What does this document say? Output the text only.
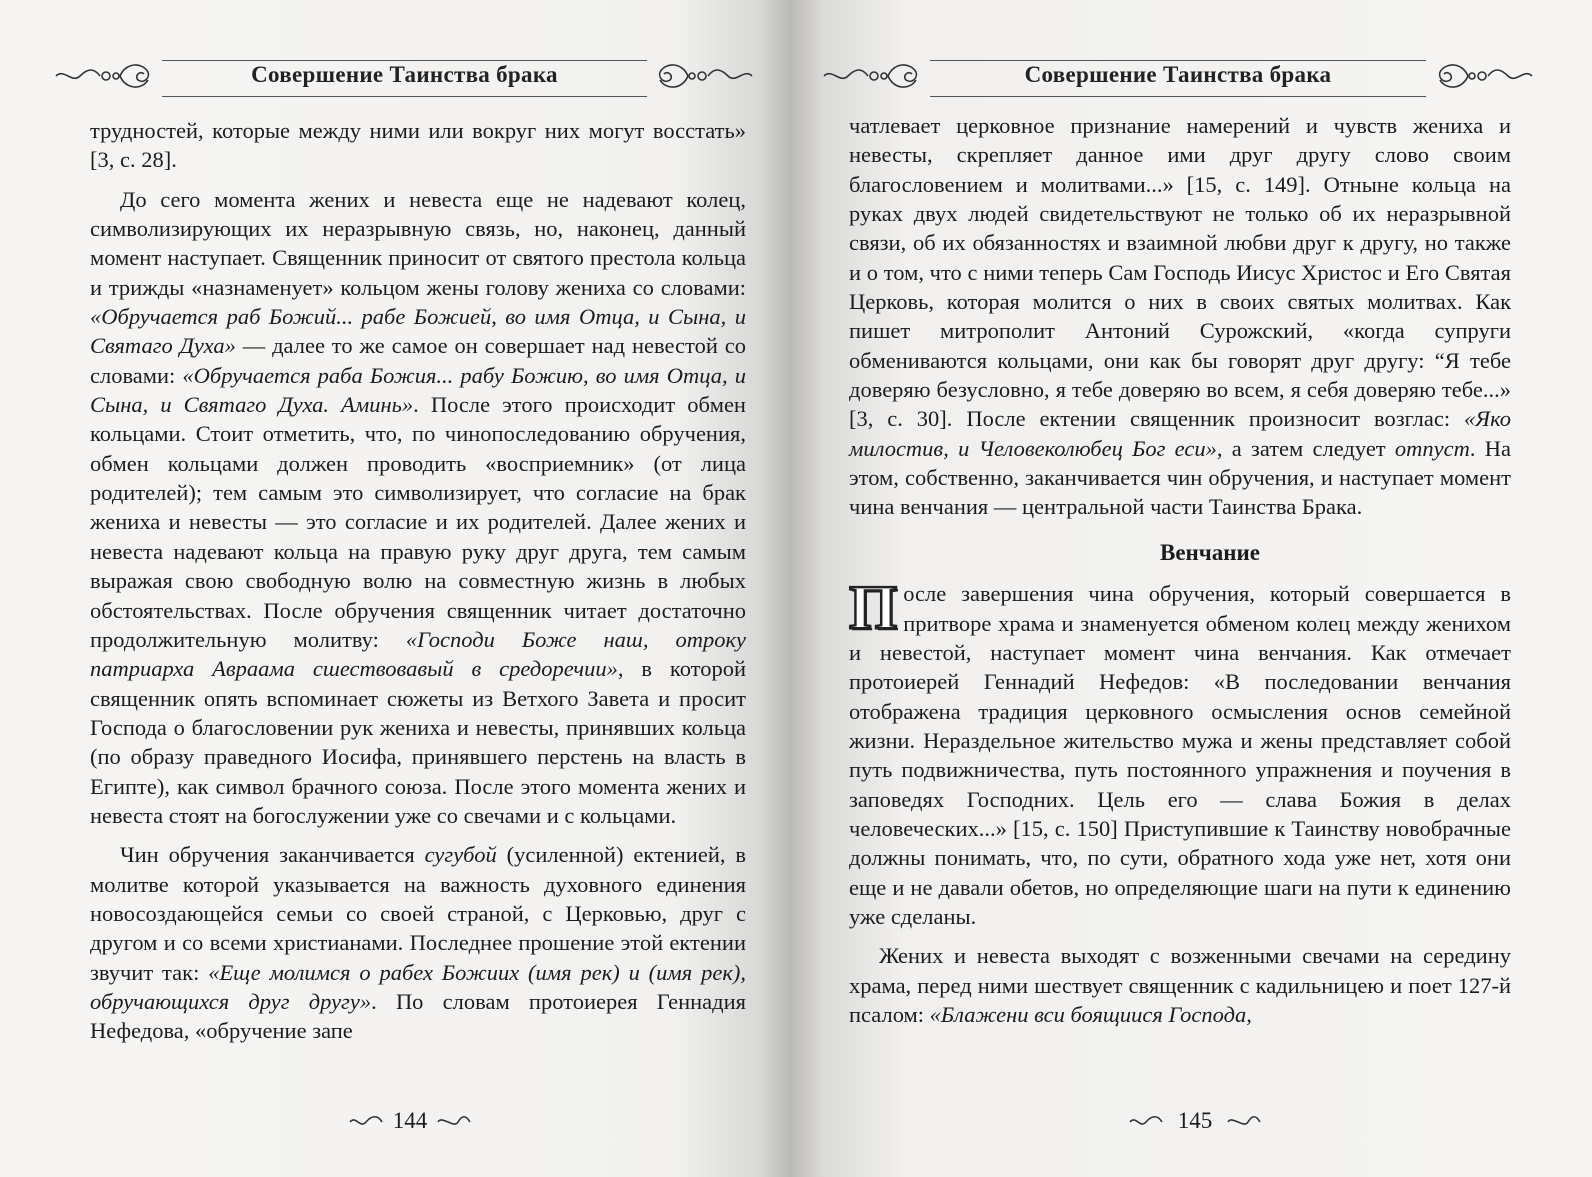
Совершение Таинства брака

трудностей, которые между ними или вокруг них могут восстать» [3, с. 28].

До сего момента жених и невеста еще не надевают колец, символизирующих их неразрывную связь, но, наконец, данный момент наступает. Священник приносит от святого престола кольца и трижды «назнаменует» кольцом жены голову жениха со словами: «Обручается раб Божий... рабе Божией, во имя Отца, и Сына, и Святаго Духа» — далее то же самое он совершает над невестой со словами: «Обручается раба Божия... рабу Божию, во имя Отца, и Сына, и Святаго Духа. Аминь». После этого происходит обмен кольцами. Стоит отметить, что, по чинопоследованию обручения, обмен кольцами должен проводить «восприемник» (от лица родителей); тем самым это символизирует, что согласие на брак жениха и невесты — это согласие и их родителей. Далее жених и невеста надевают кольца на правую руку друг друга, тем самым выражая свою свободную волю на совместную жизнь в любых обстоятельствах. После обручения священник читает достаточно продолжительную молитву: «Господи Боже наш, отроку патриарха Авраама сшествовавый в средоречии», в которой священник опять вспоминает сюжеты из Ветхого Завета и просит Господа о благословении рук жениха и невесты, принявших кольца (по образу праведного Иосифа, принявшего перстень на власть в Египте), как символ брачного союза. После этого момента жених и невеста стоят на богослужении уже со свечами и с кольцами.

Чин обручения заканчивается сугубой (усиленной) ектенией, в молитве которой указывается на важность духовного единения новосоздающейся семьи со своей страной, с Церковью, друг с другом и со всеми христианами. Последнее прошение этой ектении звучит так: «Еще молимся о рабех Божиих (имя рек) и (имя рек), обручающихся друг другу». По словам протоиерея Геннадия Нефедова, «обручение запе

144
Совершение Таинства брака

чатлевает церковное признание намерений и чувств жениха и невесты, скрепляет данное ими друг другу слово своим благословением и молитвами...» [15, с. 149]. Отныне кольца на руках двух людей свидетельствуют не только об их неразрывной связи, об их обязанностях и взаимной любви друг к другу, но также и о том, что с ними теперь Сам Господь Иисус Христос и Его Святая Церковь, которая молится о них в своих святых молитвах. Как пишет митрополит Антоний Сурожский, «когда супруги обмениваются кольцами, они как бы говорят друг другу: “Я тебе доверяю безусловно, я тебе доверяю во всем, я себя доверяю тебе...» [3, с. 30]. После ектении священник произносит возглас: «Яко милостив, и Человеколюбец Бог еси», а затем следует отпуст. На этом, собственно, заканчивается чин обручения, и наступает момент чина венчания — центральной части Таинства Брака.

Венчание

После завершения чина обручения, который совершается в притворе храма и знаменуется обменом колец между женихом и невестой, наступает момент чина венчания. Как отмечает протоиерей Геннадий Нефедов: «В последовании венчания отображена традиция церковного осмысления основ семейной жизни. Нераздельное жительство мужа и жены представляет собой путь подвижничества, путь постоянного упражнения и поучения в заповедях Господних. Цель его — слава Божия в делах человеческих...» [15, с. 150] Приступившие к Таинству новобрачные должны понимать, что, по сути, обратного хода уже нет, хотя они еще и не давали обетов, но определяющие шаги на пути к единению уже сделаны.

Жених и невеста выходят с возженными свечами на середину храма, перед ними шествует священник с кадильницею и поет 127-й псалом: «Блажени вси боящиися Господа,

145
